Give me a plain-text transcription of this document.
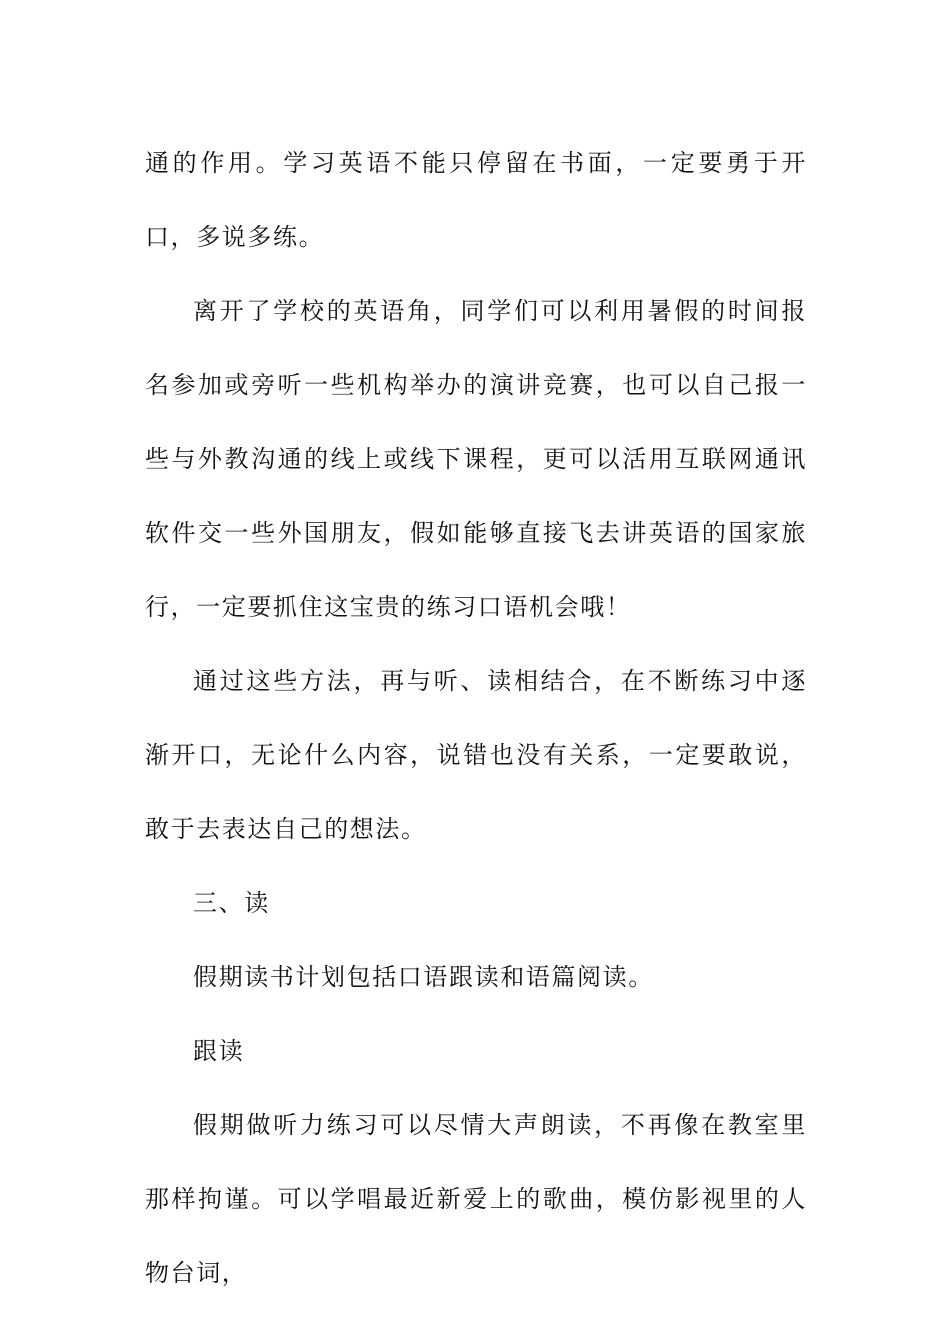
通的作用。学习英语不能只停留在书面，一定要勇于开口，多说多练。

离开了学校的英语角，同学们可以利用暑假的时间报名参加或旁听一些机构举办的演讲竞赛，也可以自己报一些与外教沟通的线上或线下课程，更可以活用互联网通讯软件交一些外国朋友，假如能够直接飞去讲英语的国家旅行，一定要抓住这宝贵的练习口语机会哦！

通过这些方法，再与听、读相结合，在不断练习中逐渐开口，无论什么内容，说错也没有关系，一定要敢说，敢于去表达自己的想法。

三、读

假期读书计划包括口语跟读和语篇阅读。

跟读

假期做听力练习可以尽情大声朗读，不再像在教室里那样拘谨。可以学唱最近新爱上的歌曲，模仿影视里的人物台词，
